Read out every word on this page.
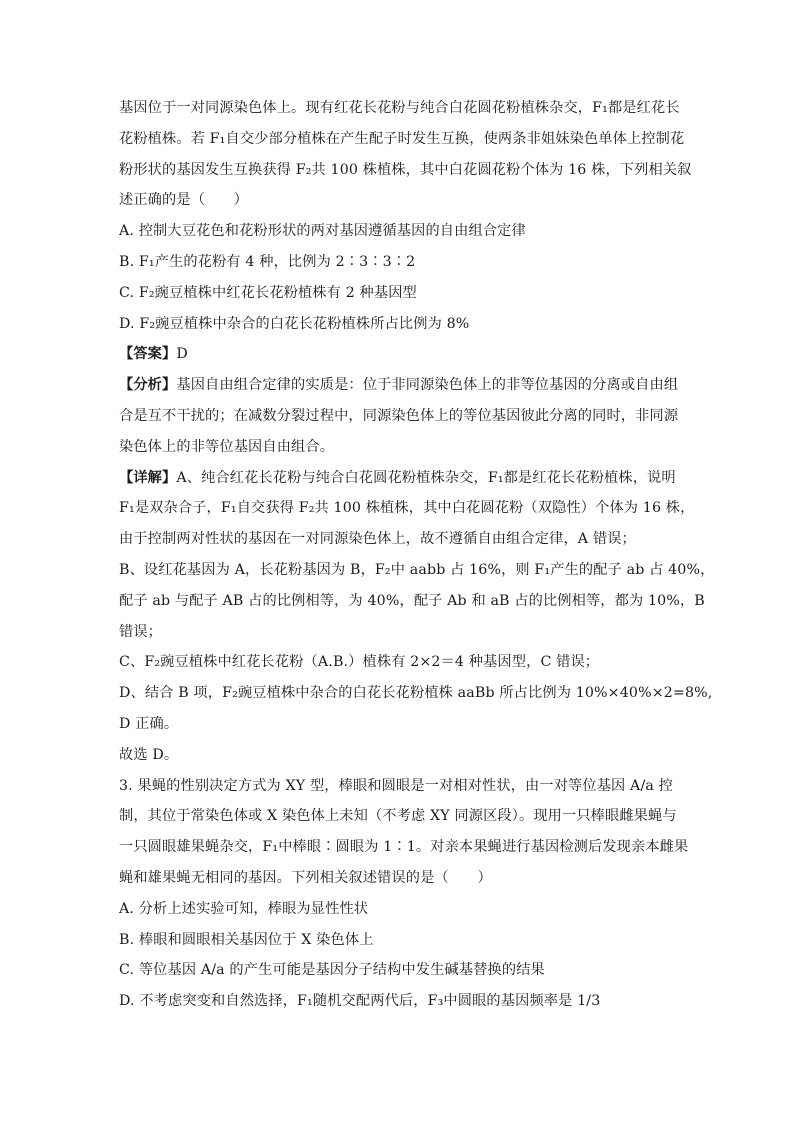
基因位于一对同源染色体上。现有红花长花粉与纯合白花圆花粉植株杂交，F₁都是红花长
花粉植株。若 F₁自交少部分植株在产生配子时发生互换，使两条非姐妹染色单体上控制花
粉形状的基因发生互换获得 F₂共 100 株植株，其中白花圆花粉个体为 16 株，下列相关叙
述正确的是（　　）
A. 控制大豆花色和花粉形状的两对基因遵循基因的自由组合定律
B. F₁产生的花粉有 4 种，比例为 2∶3∶3∶2
C. F₂豌豆植株中红花长花粉植株有 2 种基因型
D. F₂豌豆植株中杂合的白花长花粉植株所占比例为 8%
【答案】D
【分析】基因自由组合定律的实质是：位于非同源染色体上的非等位基因的分离或自由组
合是互不干扰的；在减数分裂过程中，同源染色体上的等位基因彼此分离的同时，非同源
染色体上的非等位基因自由组合。
【详解】A、纯合红花长花粉与纯合白花圆花粉植株杂交，F₁都是红花长花粉植株，说明
F₁是双杂合子，F₁自交获得 F₂共 100 株植株，其中白花圆花粉（双隐性）个体为 16 株，
由于控制两对性状的基因在一对同源染色体上，故不遵循自由组合定律，A 错误；
B、设红花基因为 A，长花粉基因为 B，F₂中 aabb 占 16%，则 F₁产生的配子 ab 占 40%，
配子 ab 与配子 AB 占的比例相等，为 40%，配子 Ab 和 aB 占的比例相等，都为 10%，B
错误；
C、F₂豌豆植株中红花长花粉（A.B.）植株有 2×2＝4 种基因型，C 错误；
D、结合 B 项，F₂豌豆植株中杂合的白花长花粉植株 aaBb 所占比例为 10%×40%×2=8%,
D 正确。
故选 D。
3. 果蝇的性别决定方式为 XY 型，棒眼和圆眼是一对相对性状，由一对等位基因 A/a 控
制，其位于常染色体或 X 染色体上未知（不考虑 XY 同源区段）。现用一只棒眼雌果蝇与
一只圆眼雄果蝇杂交，F₁中棒眼∶圆眼为 1∶1。对亲本果蝇进行基因检测后发现亲本雌果
蝇和雄果蝇无相同的基因。下列相关叙述错误的是（　　）
A. 分析上述实验可知，棒眼为显性性状
B. 棒眼和圆眼相关基因位于 X 染色体上
C. 等位基因 A/a 的产生可能是基因分子结构中发生碱基替换的结果
D. 不考虑突变和自然选择，F₁随机交配两代后，F₃中圆眼的基因频率是 1/3
